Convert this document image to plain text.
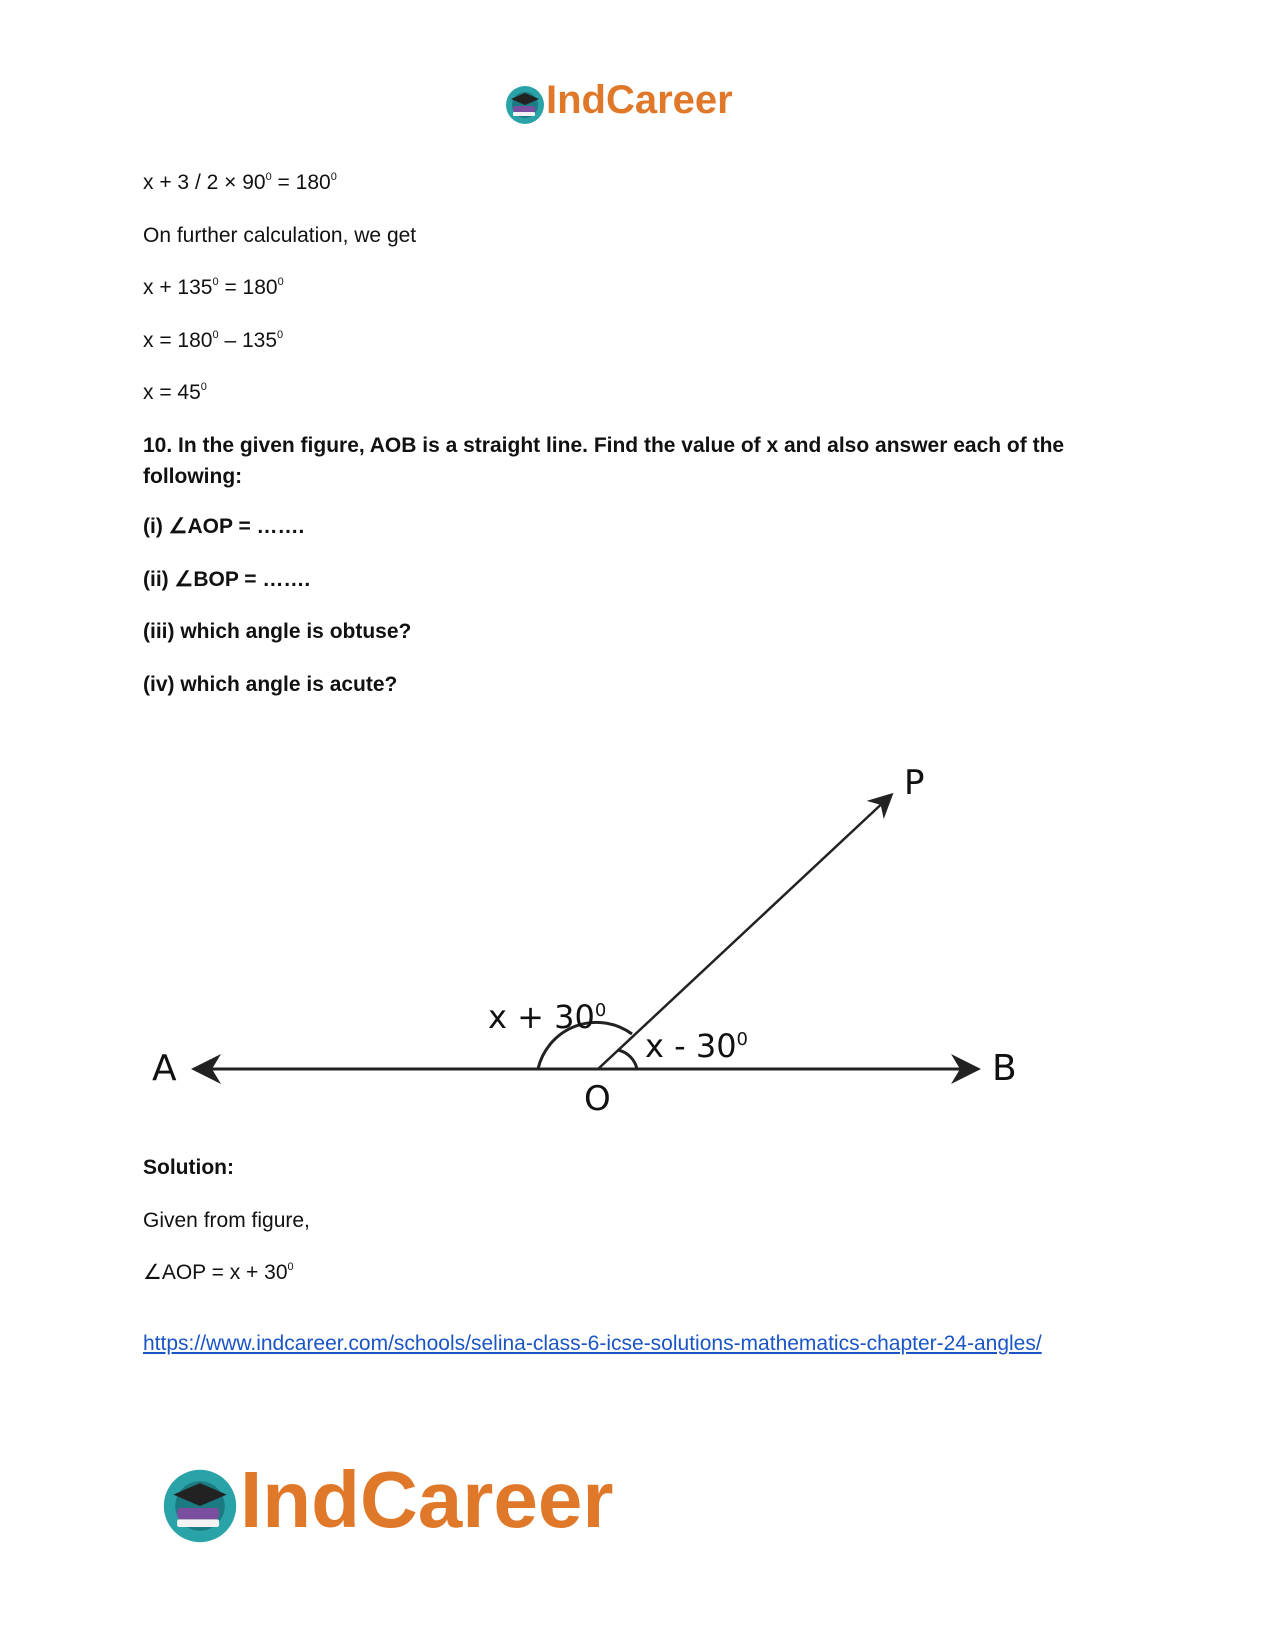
IndCareer
$x + 3 / 2 \times 90^0 = 180^0$
On further calculation, we get
$x + 135^0 = 180^0$
$x = 180^0 - 135^0$
$x = 45^0$
10. In the given figure, AOB is a straight line. Find the value of x and also answer each of the following:
(i) ∠AOP = …….
(ii) ∠BOP = …….
(iii) which angle is obtuse?
(iv) which angle is acute?
A	B
O
P
$x + 30^0$
x - $30^0$
Solution:
Given from figure,
∠AOP = $x + 30^0$
https://www.indcareer.com/schools/selina-class-6-icse-solutions-mathematics-chapter-24-angles/
IndCareer
